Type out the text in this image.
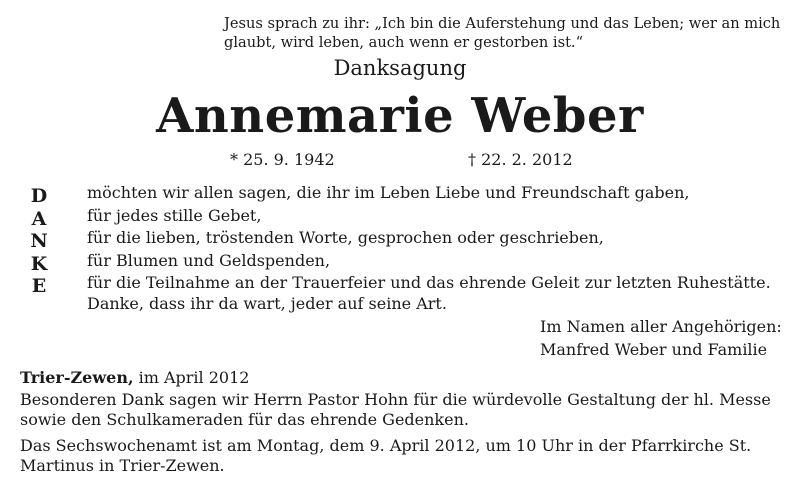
Jesus sprach zu ihr: „Ich bin die Auferstehung und das Leben; wer an mich glaubt, wird leben, auch wenn er gestorben ist.“
Danksagung
Annemarie Weber
* 25. 9. 1942	† 22. 2. 2012
D
A
N
K
E
möchten wir allen sagen, die ihr im Leben Liebe und Freundschaft gaben,
für jedes stille Gebet,
für die lieben, tröstenden Worte, gesprochen oder geschrieben,
für Blumen und Geldspenden,
für die Teilnahme an der Trauerfeier und das ehrende Geleit zur letzten Ruhestätte.
Danke, dass ihr da wart, jeder auf seine Art.
Im Namen aller Angehörigen:
Manfred Weber und Familie
Trier-Zewen, im April 2012
Besonderen Dank sagen wir Herrn Pastor Hohn für die würdevolle Gestaltung der hl. Messe sowie den Schulkameraden für das ehrende Gedenken.
Das Sechswochenamt ist am Montag, dem 9. April 2012, um 10 Uhr in der Pfarrkirche St. Martinus in Trier-Zewen.
